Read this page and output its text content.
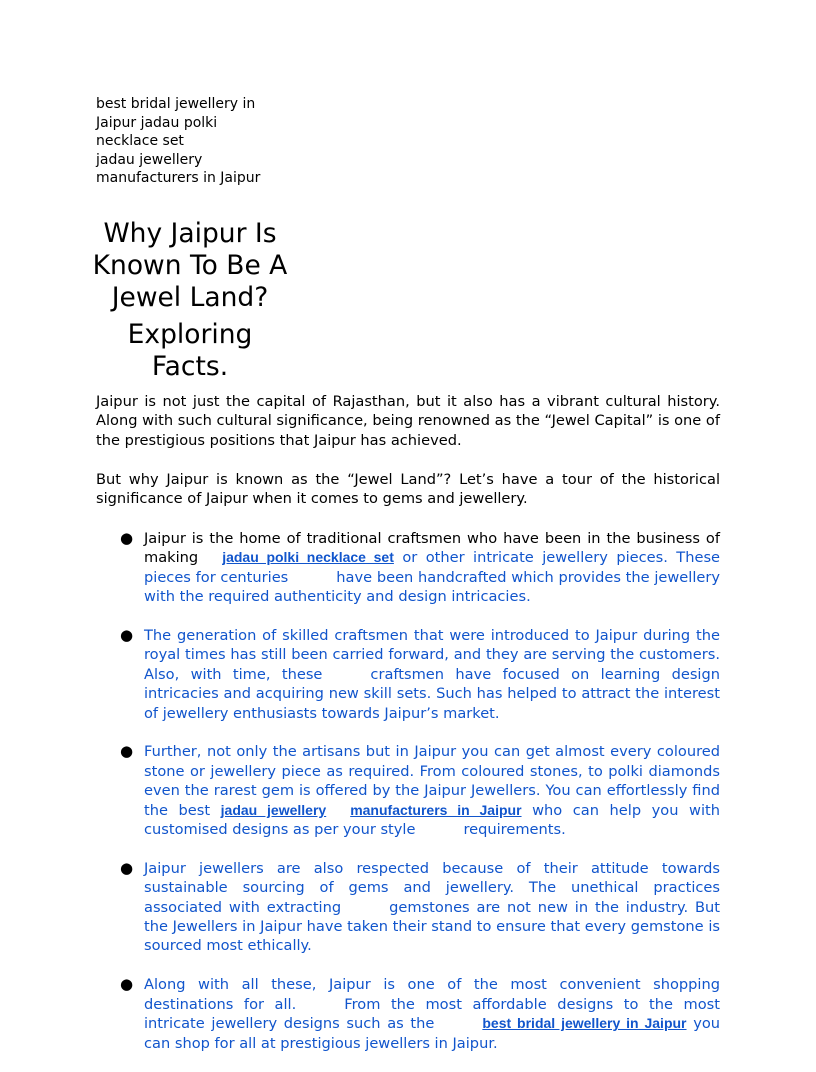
best bridal jewellery in Jaipur jadau polki necklace set
jadau jewellery manufacturers in Jaipur
Why Jaipur Is Known To Be A Jewel Land?
Exploring Facts.

Jaipur is not just the capital of Rajasthan, but it also has a vibrant cultural history. Along with such cultural significance, being renowned as the “Jewel Capital” is one of the prestigious positions that Jaipur has achieved.

But why Jaipur is known as the “Jewel Land”? Let’s have a tour of the historical significance of Jaipur when it comes to gems and jewellery.

● Jaipur is the home of traditional craftsmen who have been in the business of making jadau polki necklace set or other intricate jewellery pieces. These pieces for centuries	have been handcrafted which provides the jewellery with the required authenticity and design intricacies.
● The generation of skilled craftsmen that were introduced to Jaipur during the royal times has still been carried forward, and they are serving the customers. Also, with time, these	craftsmen have focused on learning design intricacies and acquiring new skill sets. Such has helped to attract the interest of jewellery enthusiasts towards Jaipur’s market.
● Further, not only the artisans but in Jaipur you can get almost every coloured stone or jewellery piece as required. From coloured stones, to polki diamonds even the rarest gem is offered by the Jaipur Jewellers. You can effortlessly find the best jadau jewellery manufacturers in Jaipur who can help you with customised designs as per your style	requirements.
● Jaipur jewellers are also respected because of their attitude towards sustainable sourcing of gems and jewellery. The unethical practices associated with extracting	gemstones are not new in the industry. But the Jewellers in Jaipur have taken their stand to ensure that every gemstone is sourced most ethically.
● Along with all these, Jaipur is one of the most convenient shopping destinations for all.	From the most affordable designs to the most intricate jewellery designs such as the	best bridal jewellery in Jaipur you can shop for all at prestigious jewellers in Jaipur.
